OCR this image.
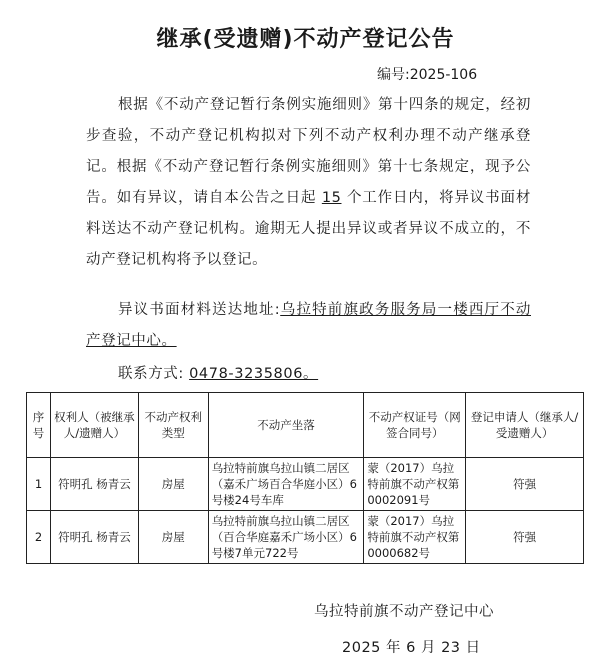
继承(受遗赠)不动产登记公告
编号:2025-106
根据《不动产登记暂行条例实施细则》第十四条的规定，经初步查验，不动产登记机构拟对下列不动产权利办理不动产继承登记。根据《不动产登记暂行条例实施细则》第十七条规定，现予公告。如有异议，请自本公告之日起 15 个工作日内，将异议书面材料送达不动产登记机构。逾期无人提出异议或者异议不成立的，不动产登记机构将予以登记。
异议书面材料送达地址:乌拉特前旗政务服务局一楼西厅不动产登记中心。
联系方式: 0478-3235806。
序号	权利人（被继承人/遗赠人）	不动产权利类型	不动产坐落	不动产权证号（网签合同号）	登记申请人（继承人/受遗赠人）
1	符明孔 杨青云	房屋	乌拉特前旗乌拉山镇二居区（嘉禾广场百合华庭小区）6号楼24号车库	蒙（2017）乌拉特前旗不动产权第0002091号	符强
2	符明孔 杨青云	房屋	乌拉特前旗乌拉山镇二居区（百合华庭嘉禾广场小区）6号楼7单元722号	蒙（2017）乌拉特前旗不动产权第0000682号	符强
乌拉特前旗不动产登记中心
2025 年 6 月 23 日
